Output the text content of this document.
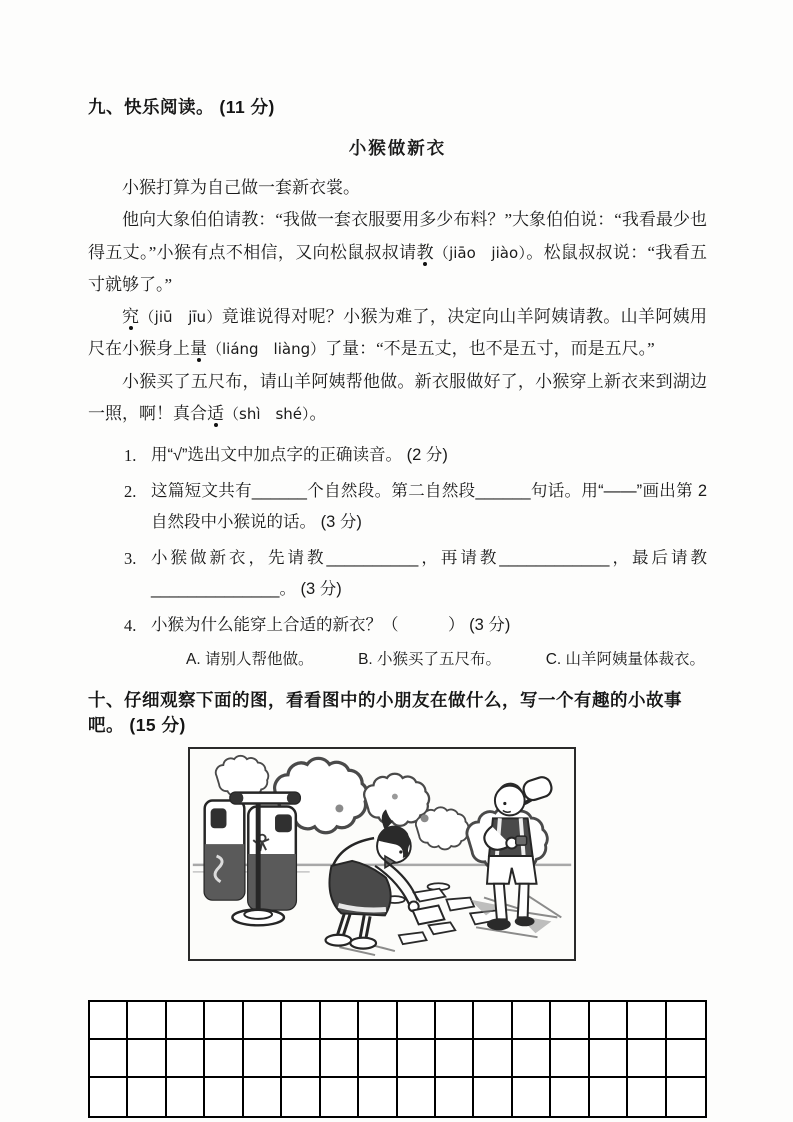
九、快乐阅读。 (11 分)
小猴做新衣

小猴打算为自己做一套新衣裳。

他向大象伯伯请教：“我做一套衣服要用多少布料？”大象伯伯说：“我看最少也得五丈。”小猴有点不相信，又向松鼠叔叔请教（jiāo　jiào）。松鼠叔叔说：“我看五寸就够了。”

究（jiū　jīu）竟谁说得对呢？小猴为难了，决定向山羊阿姨请教。山羊阿姨用尺在小猴身上量（liáng　liàng）了量：“不是五丈，也不是五寸，而是五尺。”

小猴买了五尺布，请山羊阿姨帮他做。新衣服做好了，小猴穿上新衣来到湖边一照，啊！真合适（shì　shé）。

1. 用“√”选出文中加点字的正确读音。 (2 分)
2. 这篇短文共有______个自然段。第二自然段______句话。用“——”画出第 2 自然段中小猴说的话。 (3 分)
3. 小猴做新衣，先请教__________，再请教____________，最后请教______________。 (3 分)
4. 小猴为什么能穿上合适的新衣？（　　　） (3 分)
A. 请别人帮他做。	B. 小猴买了五尺布。	C. 山羊阿姨量体裁衣。
十、仔细观察下面的图，看看图中的小朋友在做什么，写一个有趣的小故事吧。 (15 分)
